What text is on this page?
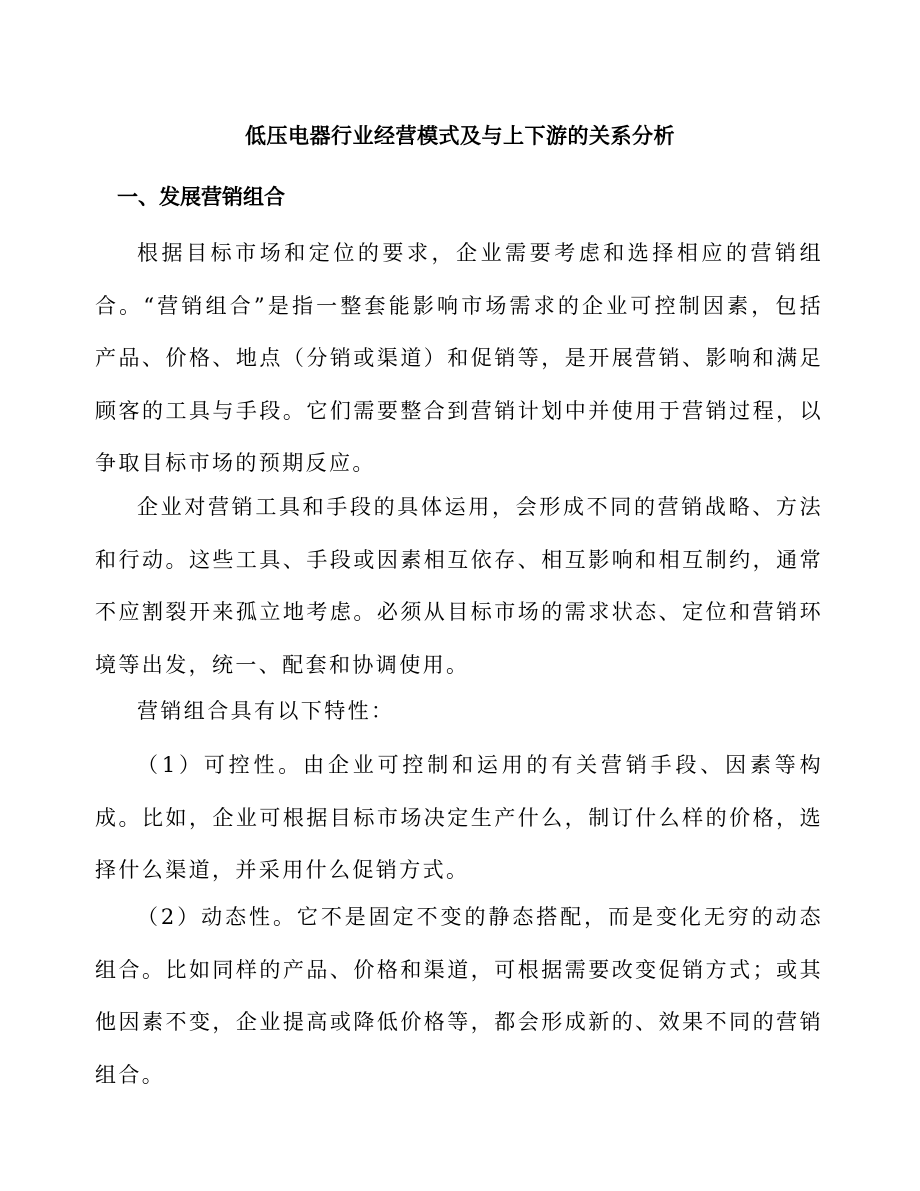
低压电器行业经营模式及与上下游的关系分析
一、发展营销组合

根据目标市场和定位的要求，企业需要考虑和选择相应的营销组合。“营销组合”是指一整套能影响市场需求的企业可控制因素，包括产品、价格、地点（分销或渠道）和促销等，是开展营销、影响和满足顾客的工具与手段。它们需要整合到营销计划中并使用于营销过程，以争取目标市场的预期反应。

企业对营销工具和手段的具体运用，会形成不同的营销战略、方法和行动。这些工具、手段或因素相互依存、相互影响和相互制约，通常不应割裂开来孤立地考虑。必须从目标市场的需求状态、定位和营销环境等出发，统一、配套和协调使用。

营销组合具有以下特性：

（1）可控性。由企业可控制和运用的有关营销手段、因素等构成。比如，企业可根据目标市场决定生产什么，制订什么样的价格，选择什么渠道，并采用什么促销方式。

（2）动态性。它不是固定不变的静态搭配，而是变化无穷的动态组合。比如同样的产品、价格和渠道，可根据需要改变促销方式；或其他因素不变，企业提高或降低价格等，都会形成新的、效果不同的营销组合。
